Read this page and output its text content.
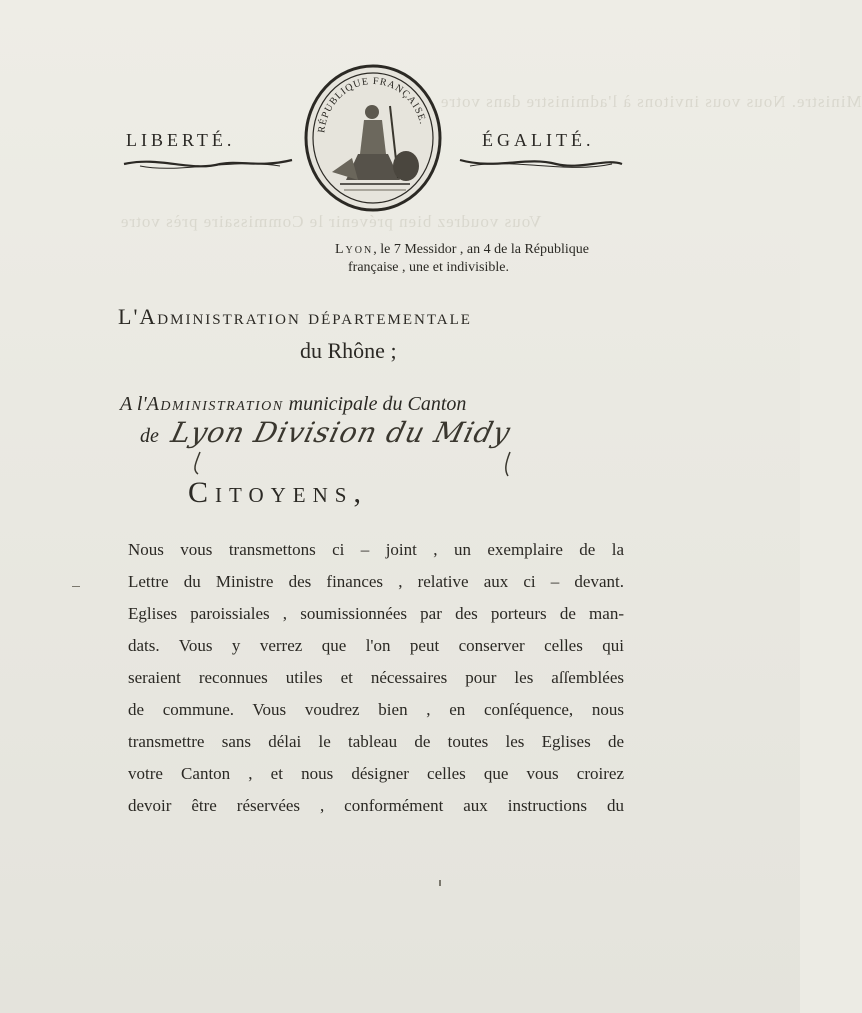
Ministre. Nous vous invitons à l'administre dans votre
Vous voudrez bien prévenir le Commissaire près votre
LIBERTÉ.	ÉGALITÉ.
RÉPUBLIQUE FRANÇAISE.
Lyon, le 7 Messidor , an 4 de la République
française , une et indivisible.
L'Administration départementale
du Rhône ;
A l'Administration municipale du Canton
de Lyon Division du Midy
Citoyens,
Nous vous transmettons ci – joint , un exemplaire de la
Lettre du Ministre des finances , relative aux ci – devant.
Eglises paroissiales , soumissionnées par des porteurs de man-
dats. Vous y verrez que l'on peut conserver celles qui
seraient reconnues utiles et nécessaires pour les aſſemblées
de commune. Vous voudrez bien , en conſéquence, nous
transmettre sans délai le tableau de toutes les Eglises de
votre Canton , et nous désigner celles que vous croirez
devoir être réservées , conformément aux instructions du
